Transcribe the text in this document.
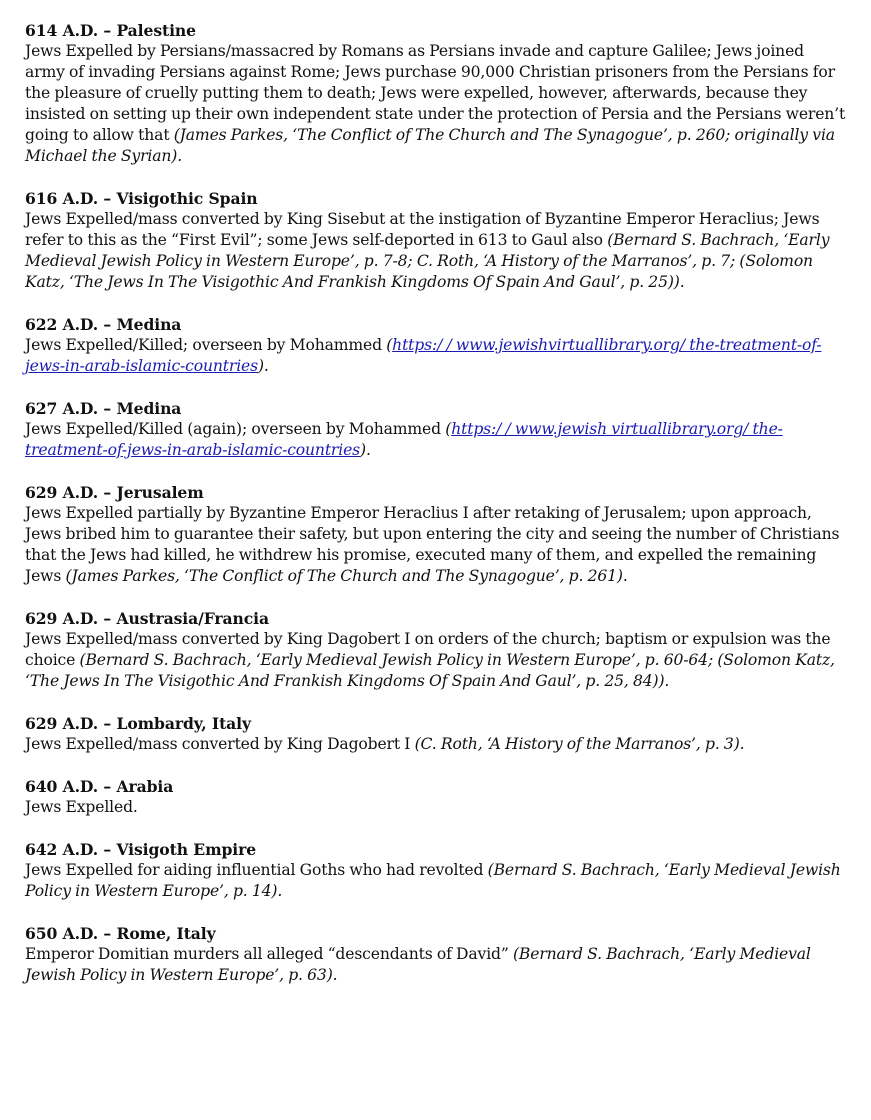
614 A.D. – Palestine

Jews Expelled by Persians/massacred by Romans as Persians invade and capture Galilee; Jews joined army of invading Persians against Rome; Jews purchase 90,000 Christian prisoners from the Persians for the pleasure of cruelly putting them to death; Jews were expelled, however, afterwards, because they insisted on setting up their own independent state under the protection of Persia and the Persians weren’t going to allow that (James Parkes, ‘The Conflict of The Church and The Synagogue’, p. 260; originally via Michael the Syrian).

616 A.D. – Visigothic Spain

Jews Expelled/mass converted by King Sisebut at the instigation of Byzantine Emperor Heraclius; Jews refer to this as the “First Evil”; some Jews self-deported in 613 to Gaul also (Bernard S. Bachrach, ‘Early Medieval Jewish Policy in Western Europe’, p. 7-8; C. Roth, ‘A History of the Marranos’, p. 7; (Solomon Katz, ‘The Jews In The Visigothic And Frankish Kingdoms Of Spain And Gaul’, p. 25)).

622 A.D. – Medina

Jews Expelled/Killed; overseen by Mohammed (https:/ / www.jewishvirtuallibrary.org/ the-treatment-of-jews-in-arab-islamic-countries).

627 A.D. – Medina

Jews Expelled/Killed (again); overseen by Mohammed (https:/ / www.jewish virtuallibrary.org/ the-treatment-of-jews-in-arab-islamic-countries).

629 A.D. – Jerusalem

Jews Expelled partially by Byzantine Emperor Heraclius I after retaking of Jerusalem; upon approach, Jews bribed him to guarantee their safety, but upon entering the city and seeing the number of Christians that the Jews had killed, he withdrew his promise, executed many of them, and expelled the remaining Jews (James Parkes, ‘The Conflict of The Church and The Synagogue’, p. 261).

629 A.D. – Austrasia/Francia

Jews Expelled/mass converted by King Dagobert I on orders of the church; baptism or expulsion was the choice (Bernard S. Bachrach, ‘Early Medieval Jewish Policy in Western Europe’, p. 60-64; (Solomon Katz, ‘The Jews In The Visigothic And Frankish Kingdoms Of Spain And Gaul’, p. 25, 84)).

629 A.D. – Lombardy, Italy

Jews Expelled/mass converted by King Dagobert I (C. Roth, ‘A History of the Marranos’, p. 3).

640 A.D. – Arabia

Jews Expelled.

642 A.D. – Visigoth Empire

Jews Expelled for aiding influential Goths who had revolted (Bernard S. Bachrach, ‘Early Medieval Jewish Policy in Western Europe’, p. 14).

650 A.D. – Rome, Italy

Emperor Domitian murders all alleged “descendants of David” (Bernard S. Bachrach, ‘Early Medieval Jewish Policy in Western Europe’, p. 63).
